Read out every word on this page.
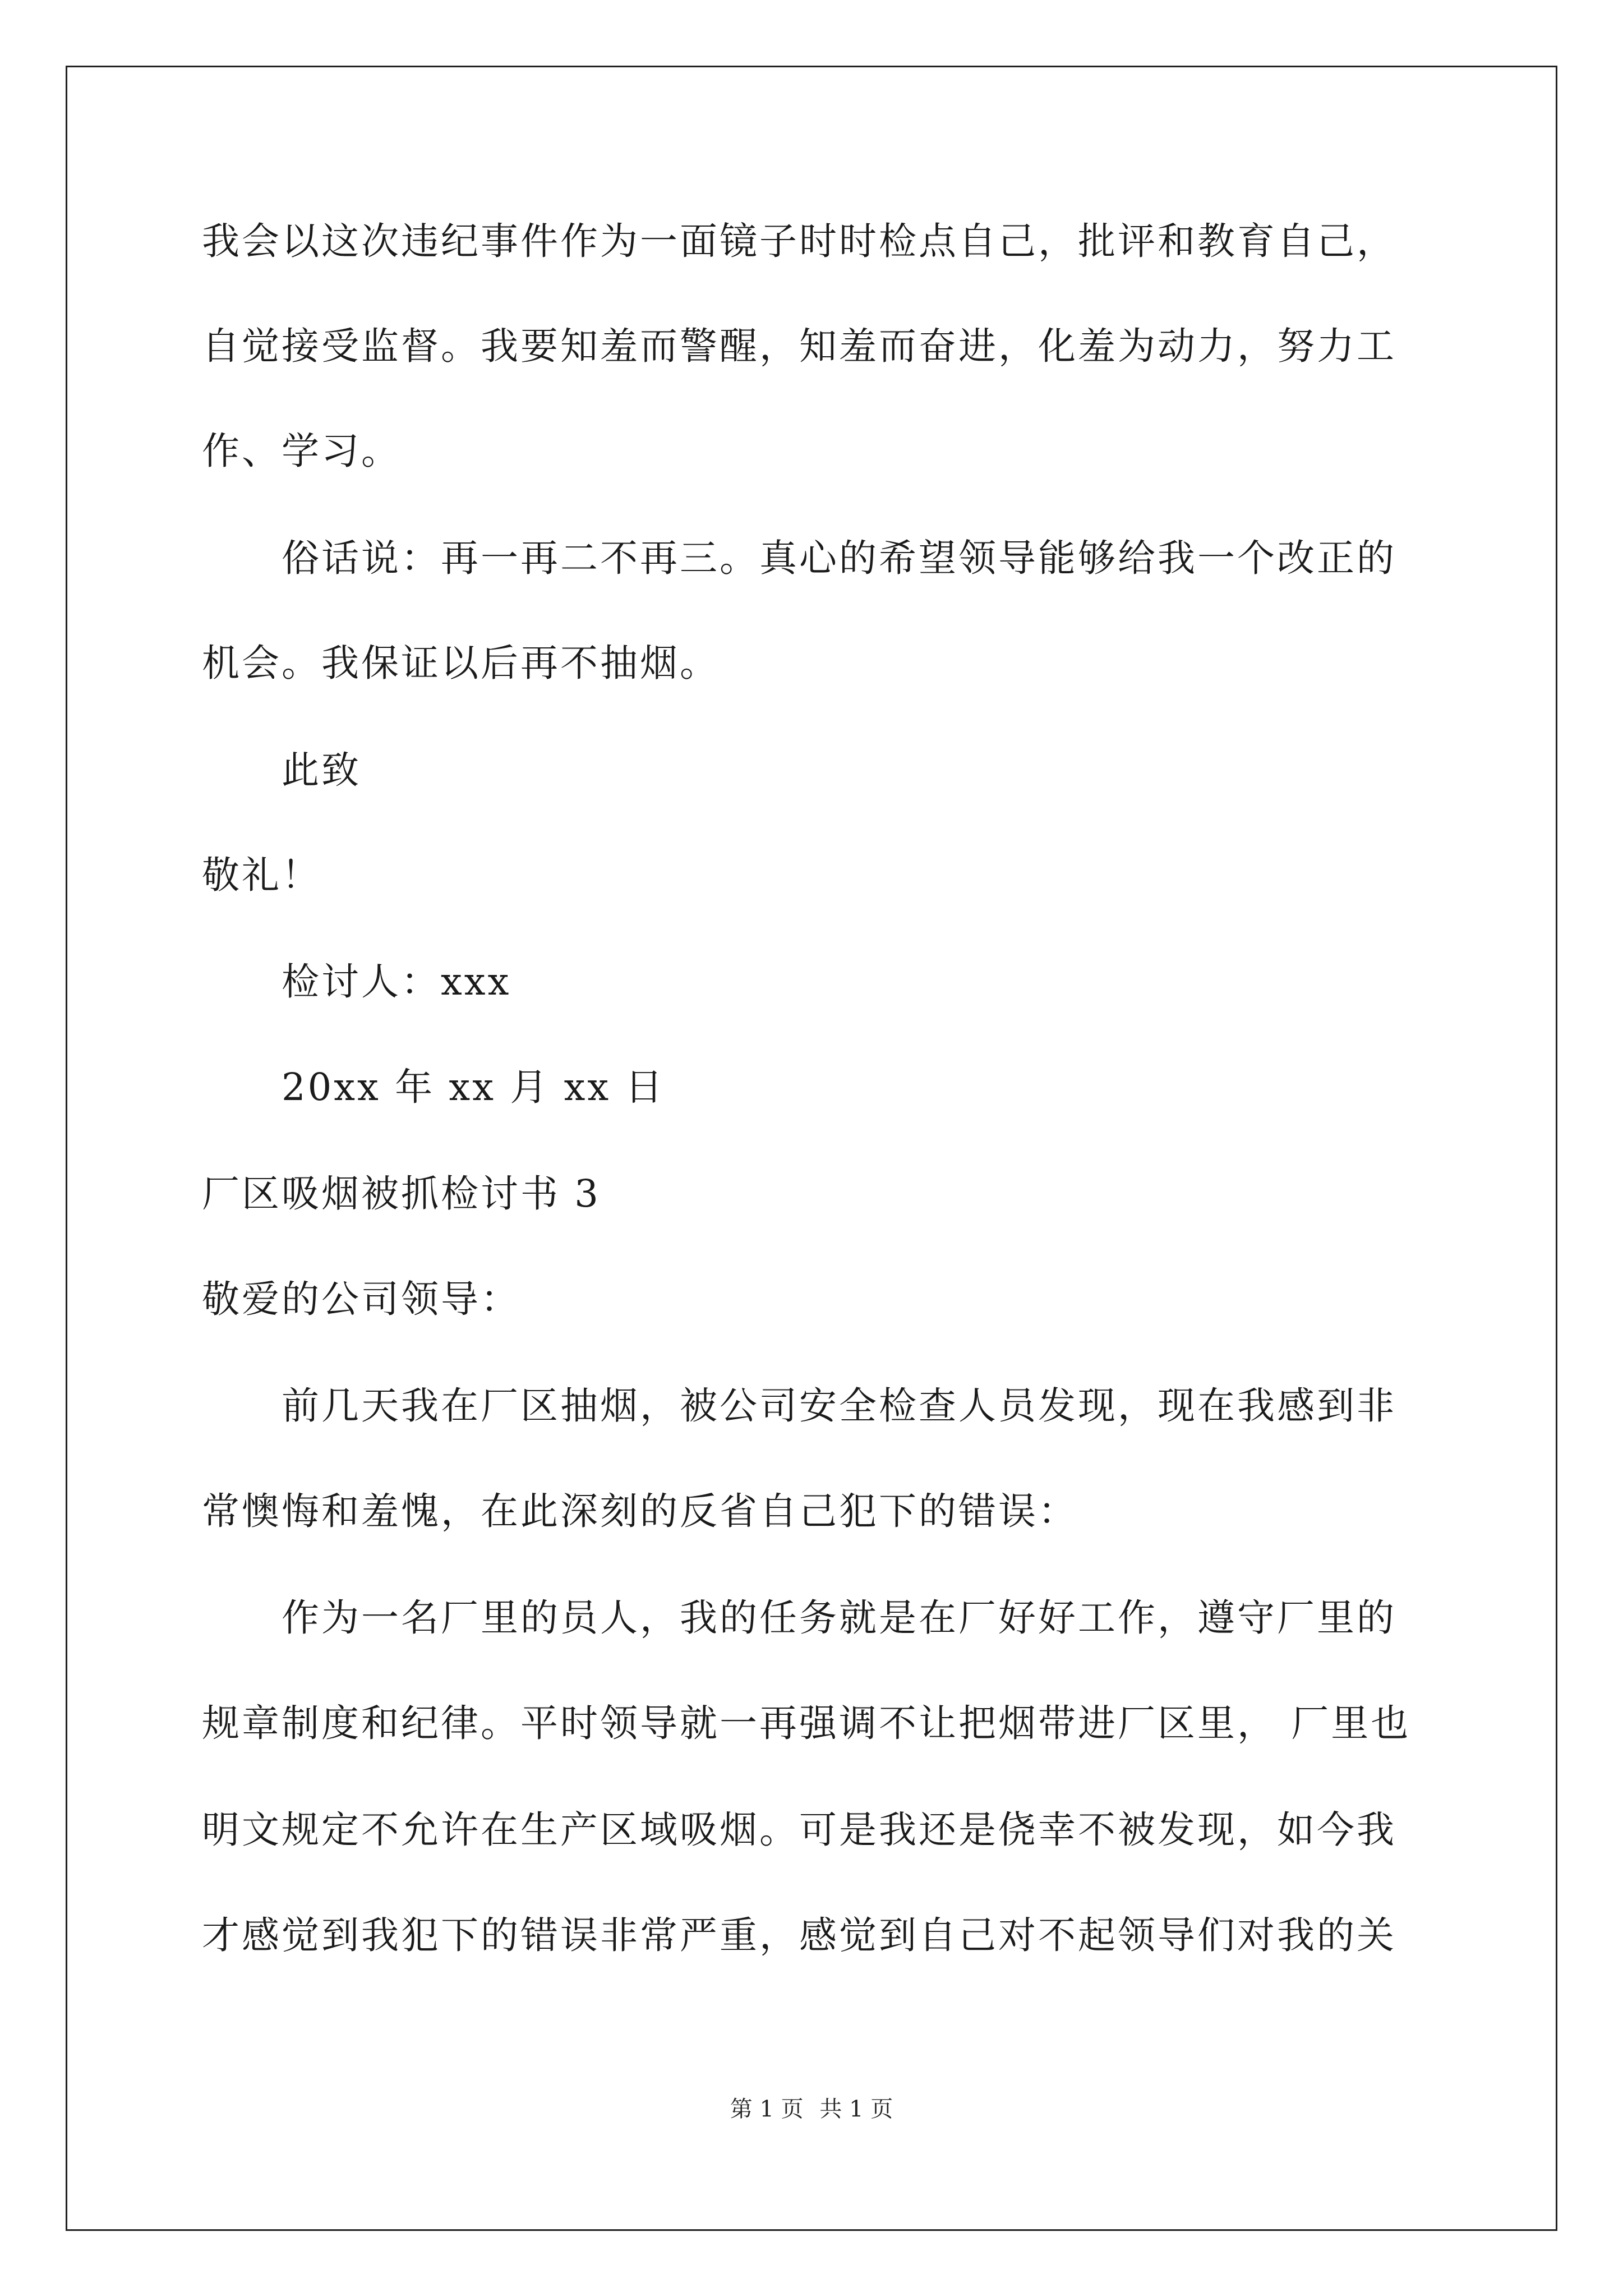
我会以这次违纪事件作为一面镜子时时检点自己，批评和教育自己，
自觉接受监督。我要知羞而警醒，知羞而奋进，化羞为动力，努力工
作、学习。
俗话说：再一再二不再三。真心的希望领导能够给我一个改正的
机会。我保证以后再不抽烟。
此致
敬礼！
检讨人：xxx
20xx 年 xx 月 xx 日
厂区吸烟被抓检讨书 3
敬爱的公司领导：
前几天我在厂区抽烟，被公司安全检查人员发现，现在我感到非
常懊悔和羞愧，在此深刻的反省自己犯下的错误：
作为一名厂里的员人，我的任务就是在厂好好工作，遵守厂里的
规章制度和纪律。平时领导就一再强调不让把烟带进厂区里， 厂里也
明文规定不允许在生产区域吸烟。可是我还是侥幸不被发现，如今我
才感觉到我犯下的错误非常严重，感觉到自己对不起领导们对我的关
第 1 页 共 1 页
